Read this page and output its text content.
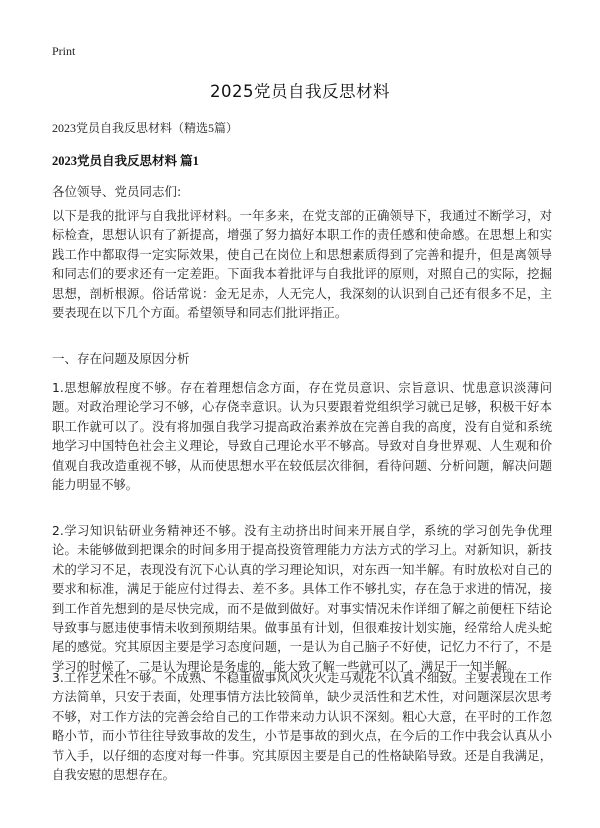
Print
2025党员自我反思材料
2023党员自我反思材料（精选5篇）
2023党员自我反思材料 篇1
各位领导、党员同志们:

以下是我的批评与自我批评材料。一年多来，在党支部的正确领导下，我通过不断学习，对标检查，思想认识有了新提高，增强了努力搞好本职工作的责任感和使命感。在思想上和实践工作中都取得一定实际效果，使自己在岗位上和思想素质得到了完善和提升，但是离领导和同志们的要求还有一定差距。下面我本着批评与自我批评的原则，对照自己的实际，挖掘思想，剖析根源。俗话常说：金无足赤，人无完人，我深刻的认识到自己还有很多不足，主要表现在以下几个方面。希望领导和同志们批评指正。

一、存在问题及原因分析

1.思想解放程度不够。存在着理想信念方面，存在党员意识、宗旨意识、忧患意识淡薄问题。对政治理论学习不够，心存侥幸意识。认为只要跟着党组织学习就已足够，积极干好本职工作就可以了。没有将加强自我学习提高政治素养放在完善自我的高度，没有自觉和系统地学习中国特色社会主义理论，导致自己理论水平不够高。导致对自身世界观、人生观和价值观自我改造重视不够，从而使思想水平在较低层次徘徊，看待问题、分析问题，解决问题能力明显不够。

2.学习知识钻研业务精神还不够。没有主动挤出时间来开展自学，系统的学习创先争优理论。未能够做到把课余的时间多用于提高投资管理能力方法方式的学习上。对新知识，新技术的学习不足，表现没有沉下心认真的学习理论知识，对东西一知半解。有时放松对自己的要求和标准，满足于能应付过得去、差不多。具体工作不够扎实，存在急于求进的情况，接到工作首先想到的是尽快完成，而不是做到做好。对事实情况未作详细了解之前便枉下结论导致事与愿违使事情未收到预期结果。做事虽有计划，但很难按计划实施，经常给人虎头蛇尾的感觉。究其原因主要是学习态度问题，一是认为自己脑子不好使，记忆力不行了，不是学习的时候了，二是认为理论是务虚的，能大致了解一些就可以了，满足于一知半解。

3.工作艺术性不够。不成熟、不稳重做事风风火火走马观花不认真不细致。主要表现在工作方法简单，只安于表面，处理事情方法比较简单，缺少灵活性和艺术性，对问题深层次思考不够，对工作方法的完善会给自己的工作带来动力认识不深刻。粗心大意，在平时的工作忽略小节，而小节往往导致事故的发生，小节是事故的到火点，在今后的工作中我会认真从小节入手，以仔细的态度对每一件事。究其原因主要是自己的性格缺陷导致。还是自我满足，自我安慰的思想存在。
